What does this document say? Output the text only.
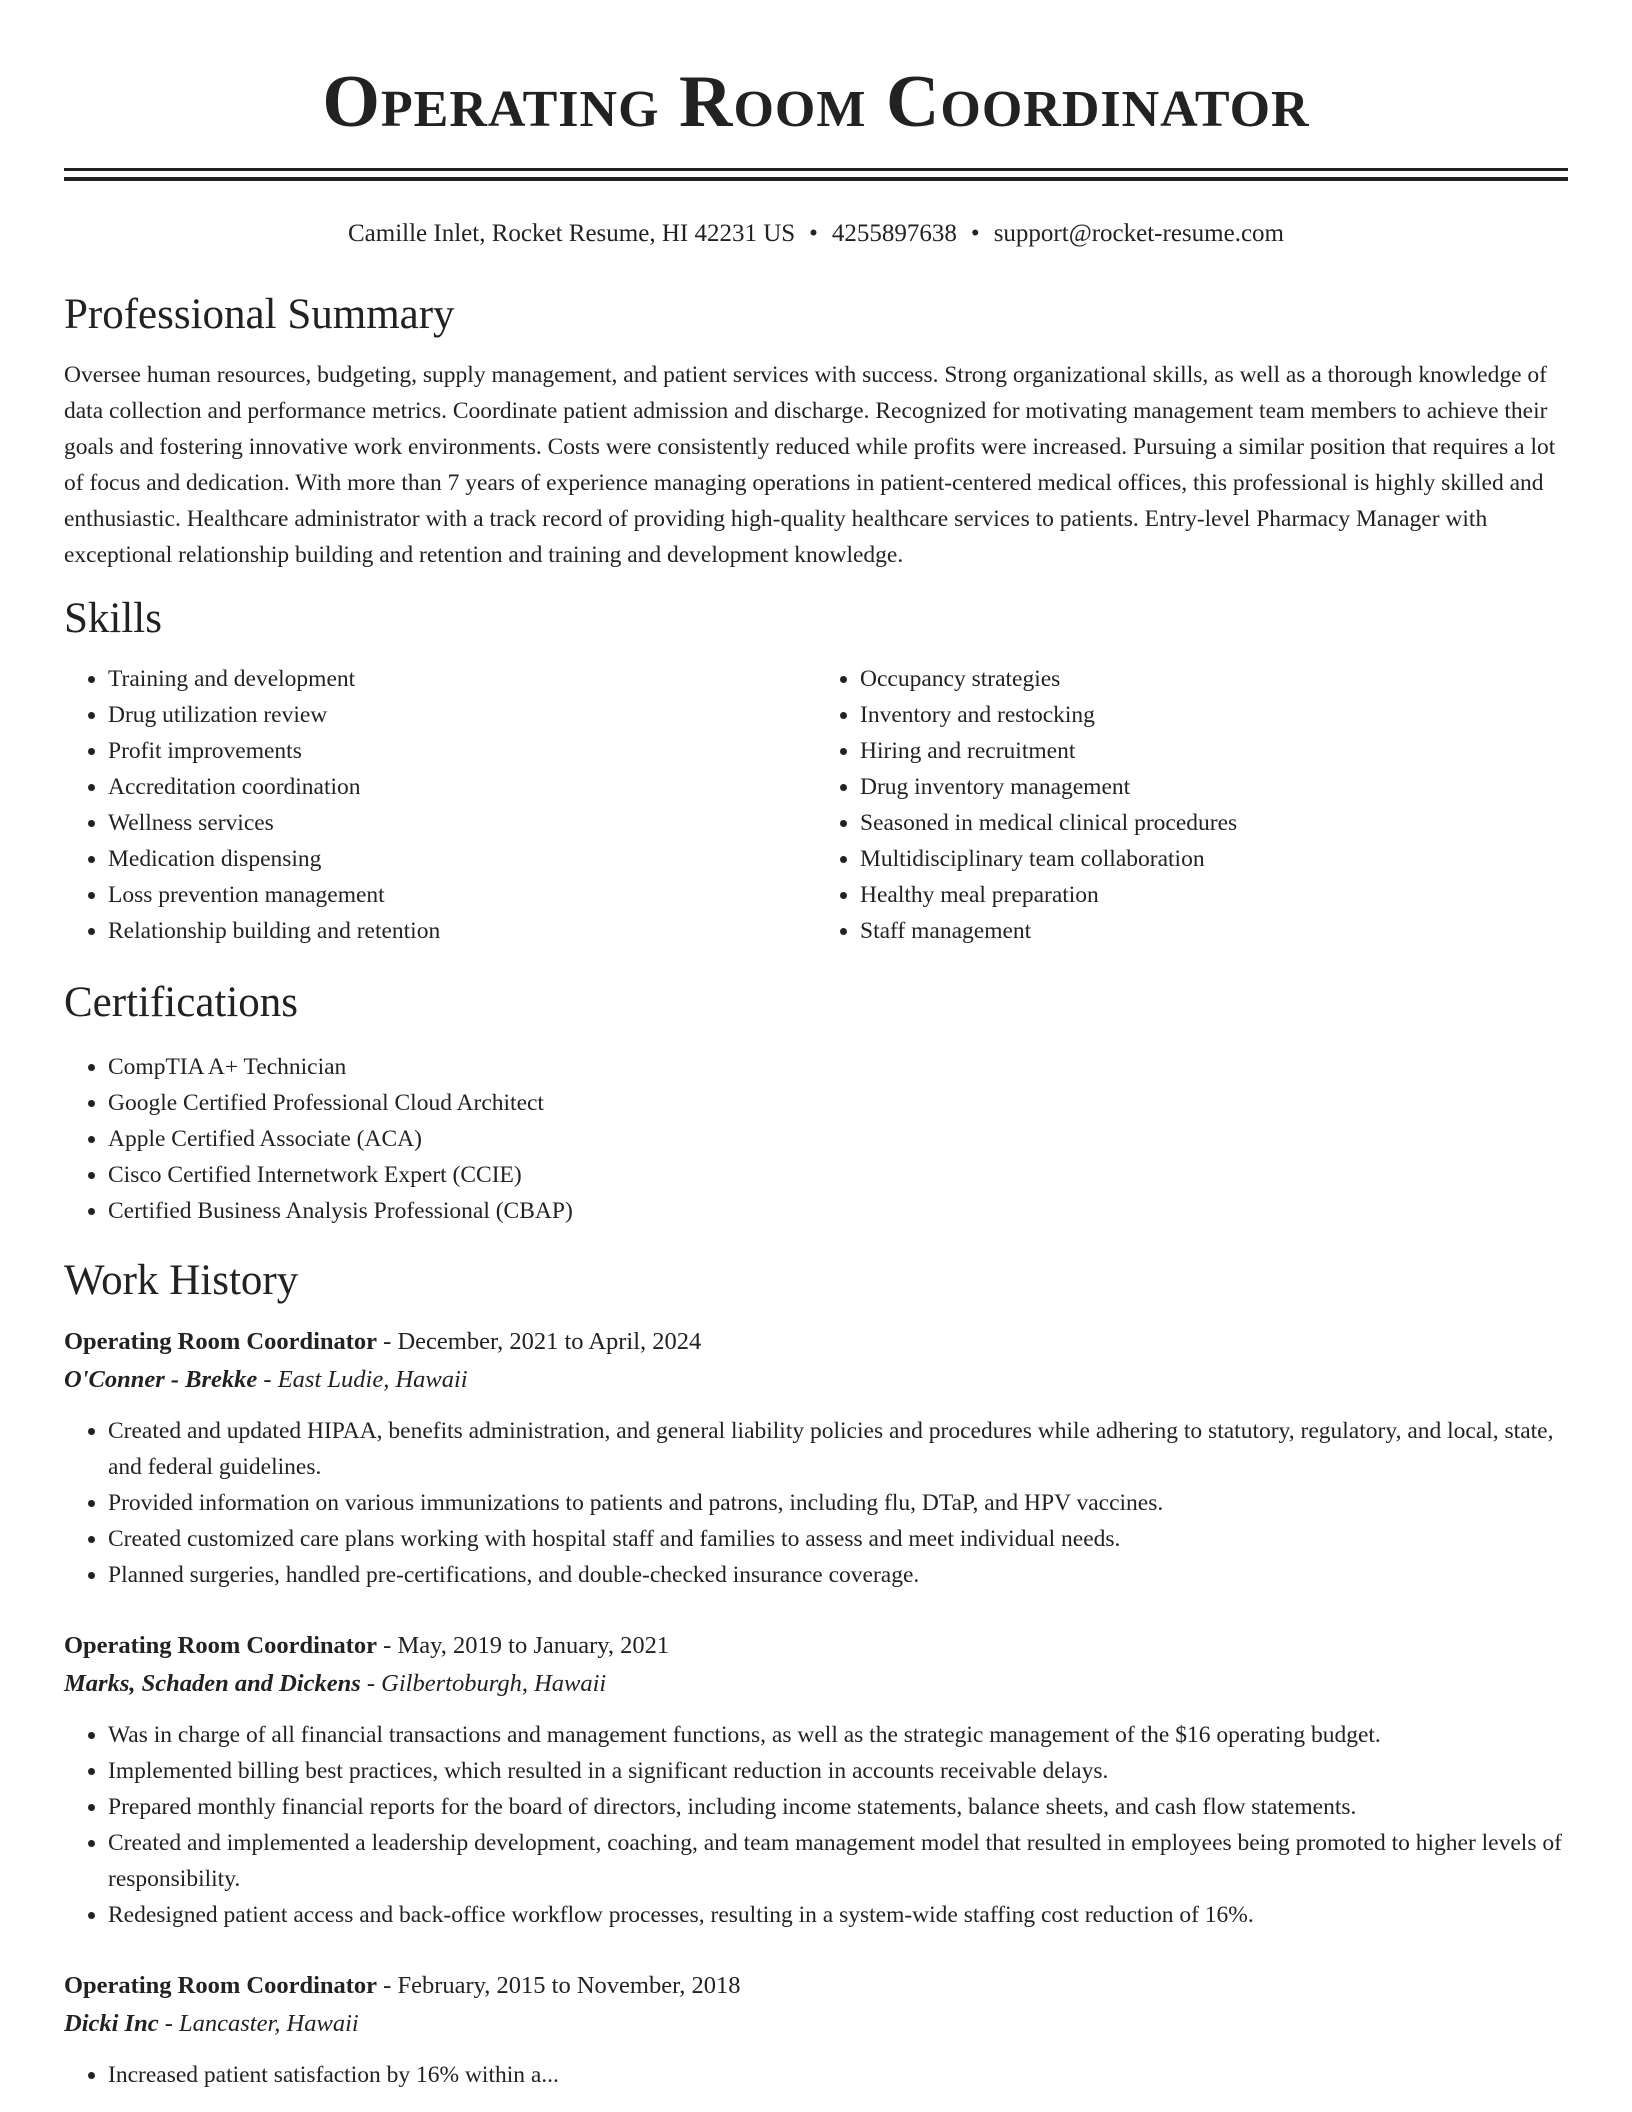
Operating Room Coordinator
Camille Inlet, Rocket Resume, HI 42231 US • 4255897638 • support@rocket-resume.com
Professional Summary

Oversee human resources, budgeting, supply management, and patient services with success. Strong organizational skills, as well as a thorough knowledge of data collection and performance metrics. Coordinate patient admission and discharge. Recognized for motivating management team members to achieve their goals and fostering innovative work environments. Costs were consistently reduced while profits were increased. Pursuing a similar position that requires a lot of focus and dedication. With more than 7 years of experience managing operations in patient-centered medical offices, this professional is highly skilled and enthusiastic. Healthcare administrator with a track record of providing high-quality healthcare services to patients. Entry-level Pharmacy Manager with exceptional relationship building and retention and training and development knowledge.

Skills
• Training and development
• Drug utilization review
• Profit improvements
• Accreditation coordination
• Wellness services
• Medication dispensing
• Loss prevention management
• Relationship building and retention
• Occupancy strategies
• Inventory and restocking
• Hiring and recruitment
• Drug inventory management
• Seasoned in medical clinical procedures
• Multidisciplinary team collaboration
• Healthy meal preparation
• Staff management
Certifications
• CompTIA A+ Technician
• Google Certified Professional Cloud Architect
• Apple Certified Associate (ACA)
• Cisco Certified Internetwork Expert (CCIE)
• Certified Business Analysis Professional (CBAP)
Work History
Operating Room Coordinator - December, 2021 to April, 2024
O'Conner - Brekke - East Ludie, Hawaii
• Created and updated HIPAA, benefits administration, and general liability policies and procedures while adhering to statutory, regulatory, and local, state, and federal guidelines.
• Provided information on various immunizations to patients and patrons, including flu, DTaP, and HPV vaccines.
• Created customized care plans working with hospital staff and families to assess and meet individual needs.
• Planned surgeries, handled pre-certifications, and double-checked insurance coverage.
Operating Room Coordinator - May, 2019 to January, 2021
Marks, Schaden and Dickens - Gilbertoburgh, Hawaii
• Was in charge of all financial transactions and management functions, as well as the strategic management of the $16 operating budget.
• Implemented billing best practices, which resulted in a significant reduction in accounts receivable delays.
• Prepared monthly financial reports for the board of directors, including income statements, balance sheets, and cash flow statements.
• Created and implemented a leadership development, coaching, and team management model that resulted in employees being promoted to higher levels of responsibility.
• Redesigned patient access and back-office workflow processes, resulting in a system-wide staffing cost reduction of 16%.
Operating Room Coordinator - February, 2015 to November, 2018
Dicki Inc - Lancaster, Hawaii
• Increased patient satisfaction by 16% within a...
